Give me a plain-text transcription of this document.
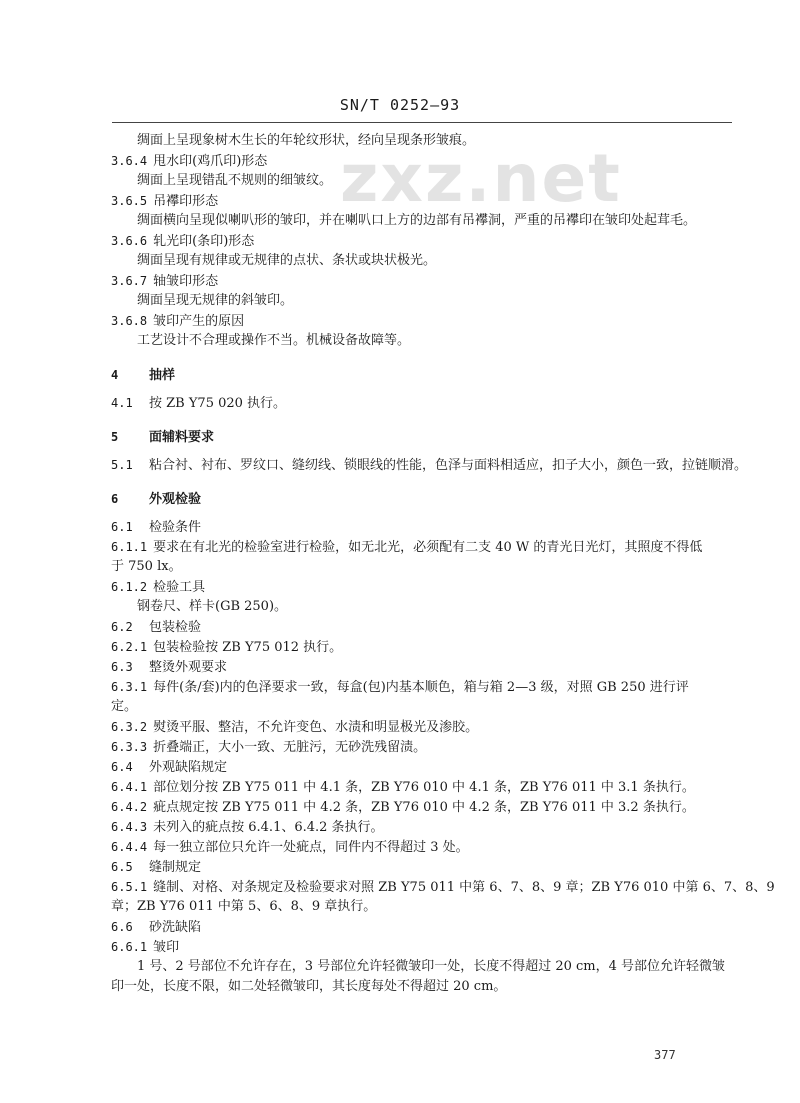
SN/T 0252—93
zxz.net
绸面上呈现象树木生长的年轮纹形状，经向呈现条形皱痕。
3.6.4 甩水印(鸡爪印)形态
绸面上呈现错乱不规则的细皱纹。
3.6.5 吊襻印形态
绸面横向呈现似喇叭形的皱印，并在喇叭口上方的边部有吊襻洞，严重的吊襻印在皱印处起茸毛。
3.6.6 轧光印(条印)形态
绸面呈现有规律或无规律的点状、条状或块状极光。
3.6.7 轴皱印形态
绸面呈现无规律的斜皱印。
3.6.8 皱印产生的原因
工艺设计不合理或操作不当。机械设备故障等。
4 抽样
4.1 按 ZB Y75 020 执行。
5 面辅料要求
5.1 粘合衬、衬布、罗纹口、缝纫线、锁眼线的性能，色泽与面料相适应，扣子大小，颜色一致，拉链顺滑。
6 外观检验
6.1 检验条件
6.1.1 要求在有北光的检验室进行检验，如无北光，必须配有二支 40 W 的青光日光灯，其照度不得低
于 750 lx。
6.1.2 检验工具
钢卷尺、样卡(GB 250)。
6.2 包装检验
6.2.1 包装检验按 ZB Y75 012 执行。
6.3 整烫外观要求
6.3.1 每件(条/套)内的色泽要求一致，每盒(包)内基本顺色，箱与箱 2—3 级，对照 GB 250 进行评
定。
6.3.2 熨烫平服、整洁，不允许变色、水渍和明显极光及渗胶。
6.3.3 折叠端正，大小一致、无脏污，无砂洗残留渍。
6.4 外观缺陷规定
6.4.1 部位划分按 ZB Y75 011 中 4.1 条，ZB Y76 010 中 4.1 条，ZB Y76 011 中 3.1 条执行。
6.4.2 疵点规定按 ZB Y75 011 中 4.2 条，ZB Y76 010 中 4.2 条，ZB Y76 011 中 3.2 条执行。
6.4.3 未列入的疵点按 6.4.1、6.4.2 条执行。
6.4.4 每一独立部位只允许一处疵点，同件内不得超过 3 处。
6.5 缝制规定
6.5.1 缝制、对格、对条规定及检验要求对照 ZB Y75 011 中第 6、7、8、9 章；ZB Y76 010 中第 6、7、8、9
章；ZB Y76 011 中第 5、6、8、9 章执行。
6.6 砂洗缺陷
6.6.1 皱印
1 号、2 号部位不允许存在，3 号部位允许轻微皱印一处，长度不得超过 20 cm，4 号部位允许轻微皱
印一处，长度不限，如二处轻微皱印，其长度每处不得超过 20 cm。
377
